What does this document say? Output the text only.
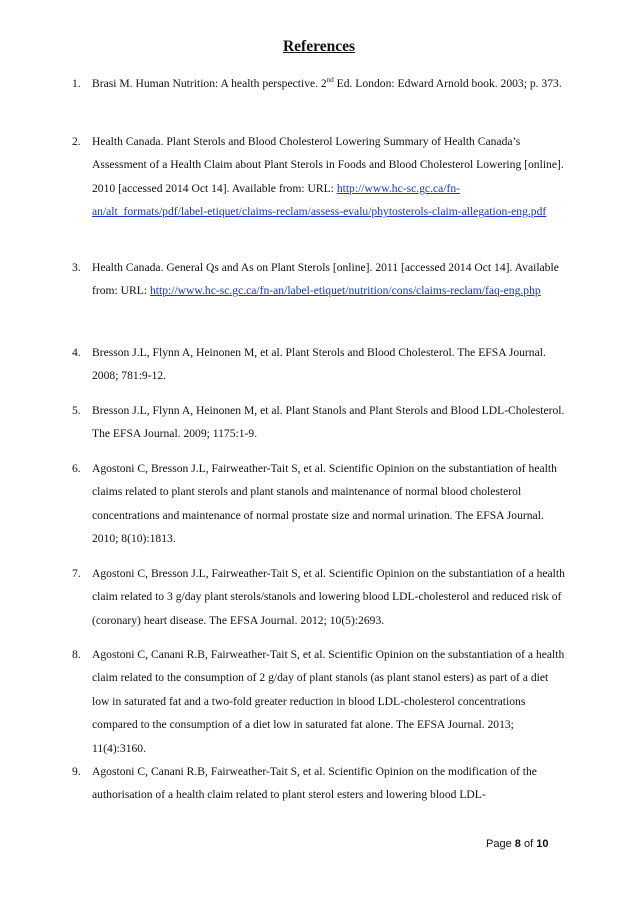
References
1. Brasi M. Human Nutrition: A health perspective. 2nd Ed. London: Edward Arnold book. 2003; p. 373.
2. Health Canada. Plant Sterols and Blood Cholesterol Lowering Summary of Health Canada’s Assessment of a Health Claim about Plant Sterols in Foods and Blood Cholesterol Lowering [online]. 2010 [accessed 2014 Oct 14]. Available from: URL: http://www.hc-sc.gc.ca/fn-an/alt_formats/pdf/label-etiquet/claims-reclam/assess-evalu/phytosterols-claim-allegation-eng.pdf
3. Health Canada. General Qs and As on Plant Sterols [online]. 2011 [accessed 2014 Oct 14]. Available from: URL: http://www.hc-sc.gc.ca/fn-an/label-etiquet/nutrition/cons/claims-reclam/faq-eng.php
4. Bresson J.L, Flynn A, Heinonen M, et al. Plant Sterols and Blood Cholesterol. The EFSA Journal. 2008; 781:9-12.
5. Bresson J.L, Flynn A, Heinonen M, et al. Plant Stanols and Plant Sterols and Blood LDL-Cholesterol. The EFSA Journal. 2009; 1175:1-9.
6. Agostoni C, Bresson J.L, Fairweather-Tait S, et al. Scientific Opinion on the substantiation of health claims related to plant sterols and plant stanols and maintenance of normal blood cholesterol concentrations and maintenance of normal prostate size and normal urination. The EFSA Journal. 2010; 8(10):1813.
7. Agostoni C, Bresson J.L, Fairweather-Tait S, et al. Scientific Opinion on the substantiation of a health claim related to 3 g/day plant sterols/stanols and lowering blood LDL-cholesterol and reduced risk of (coronary) heart disease. The EFSA Journal. 2012; 10(5):2693.
8. Agostoni C, Canani R.B, Fairweather-Tait S, et al. Scientific Opinion on the substantiation of a health claim related to the consumption of 2 g/day of plant stanols (as plant stanol esters) as part of a diet low in saturated fat and a two-fold greater reduction in blood LDL-cholesterol concentrations compared to the consumption of a diet low in saturated fat alone. The EFSA Journal. 2013; 11(4):3160.
9. Agostoni C, Canani R.B, Fairweather-Tait S, et al. Scientific Opinion on the modification of the authorisation of a health claim related to plant sterol esters and lowering blood LDL-
Page 8 of 10
